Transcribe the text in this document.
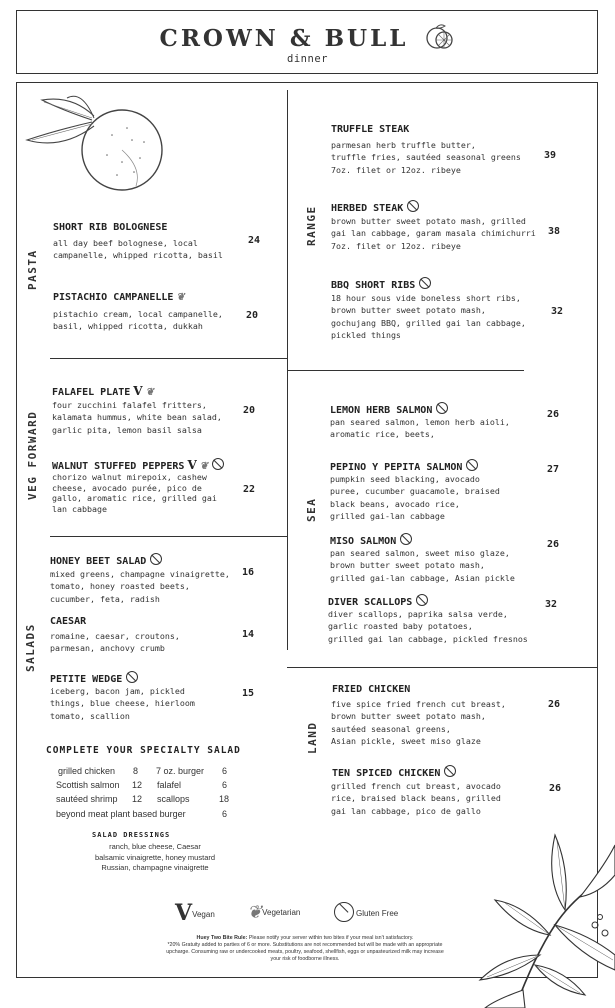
CROWN & BULL
dinner
PASTA
VEG FORWARD
SALADS
RANGE
SEA
LAND
SHORT RIB BOLOGNESE
all day beef bolognese, local
campanelle, whipped ricotta, basil
24
PISTACHIO CAMPANELLE ❦
pistachio cream, local campanelle,
basil, whipped ricotta, dukkah
20
FALAFEL PLATE V ❦
four zucchini falafel fritters,
kalamata hummus, white bean salad,
garlic pita, lemon basil salsa
20
WALNUT STUFFED PEPPERS V ❦
chorizo walnut mirepoix, cashew
cheese, avocado purée, pico de
gallo, aromatic rice, grilled gai
lan cabbage
22
HONEY BEET SALAD
mixed greens, champagne vinaigrette,
tomato, honey roasted beets,
cucumber, feta, radish
16
CAESAR
romaine, caesar, croutons,
parmesan, anchovy crumb
14
PETITE WEDGE
iceberg, bacon jam, pickled
things, blue cheese, hierloom
tomato, scallion
15
COMPLETE YOUR SPECIALTY SALAD
grilled chicken 8 7 oz. burger 6
Scottish salmon 12 falafel	6
sautéed shrimp 12 scallops	18
beyond meat plant based burger	6
SALAD DRESSINGS
ranch, blue cheese, Caesar
balsamic vinaigrette, honey mustard
Russian, champagne vinaigrette
TRUFFLE STEAK
parmesan herb truffle butter,
truffle fries, sautéed seasonal greens
7oz. filet or 12oz. ribeye
39
HERBED STEAK
brown butter sweet potato mash, grilled
gai lan cabbage, garam masala chimichurri
7oz. filet or 12oz. ribeye
38
BBQ SHORT RIBS
18 hour sous vide boneless short ribs,
brown butter sweet potato mash,
gochujang BBQ, grilled gai lan cabbage,
pickled things
32
LEMON HERB SALMON
pan seared salmon, lemon herb aioli,
aromatic rice, beets,
26
PEPINO Y PEPITA SALMON
pumpkin seed blacking, avocado
puree, cucumber guacamole, braised
black beans, avocado rice,
grilled gai-lan cabbage
27
MISO SALMON
pan seared salmon, sweet miso glaze,
brown butter sweet potato mash,
grilled gai-lan cabbage, Asian pickle
26
DIVER SCALLOPS
diver scallops, paprika salsa verde,
garlic roasted baby potatoes,
grilled gai lan cabbage, pickled fresnos
32
FRIED CHICKEN
five spice fried french cut breast,
brown butter sweet potato mash,
sautéed seasonal greens,
Asian pickle, sweet miso glaze
26
TEN SPICED CHICKEN
grilled french cut breast, avocado
rice, braised black beans, grilled
gai lan cabbage, pico de gallo
26
VVegan ❦Vegetarian	Gluten Free
Huey Two Bite Rule: Please notify your server within two bites if your meal isn't satisfactory.
*20% Gratuity added to parties of 6 or more. Substitutions are not recommended but will be made with an appropriate
upcharge. Consuming raw or undercooked meats, poultry, seafood, shellfish, eggs or unpasteurized milk may increase
your risk of foodborne illness.
